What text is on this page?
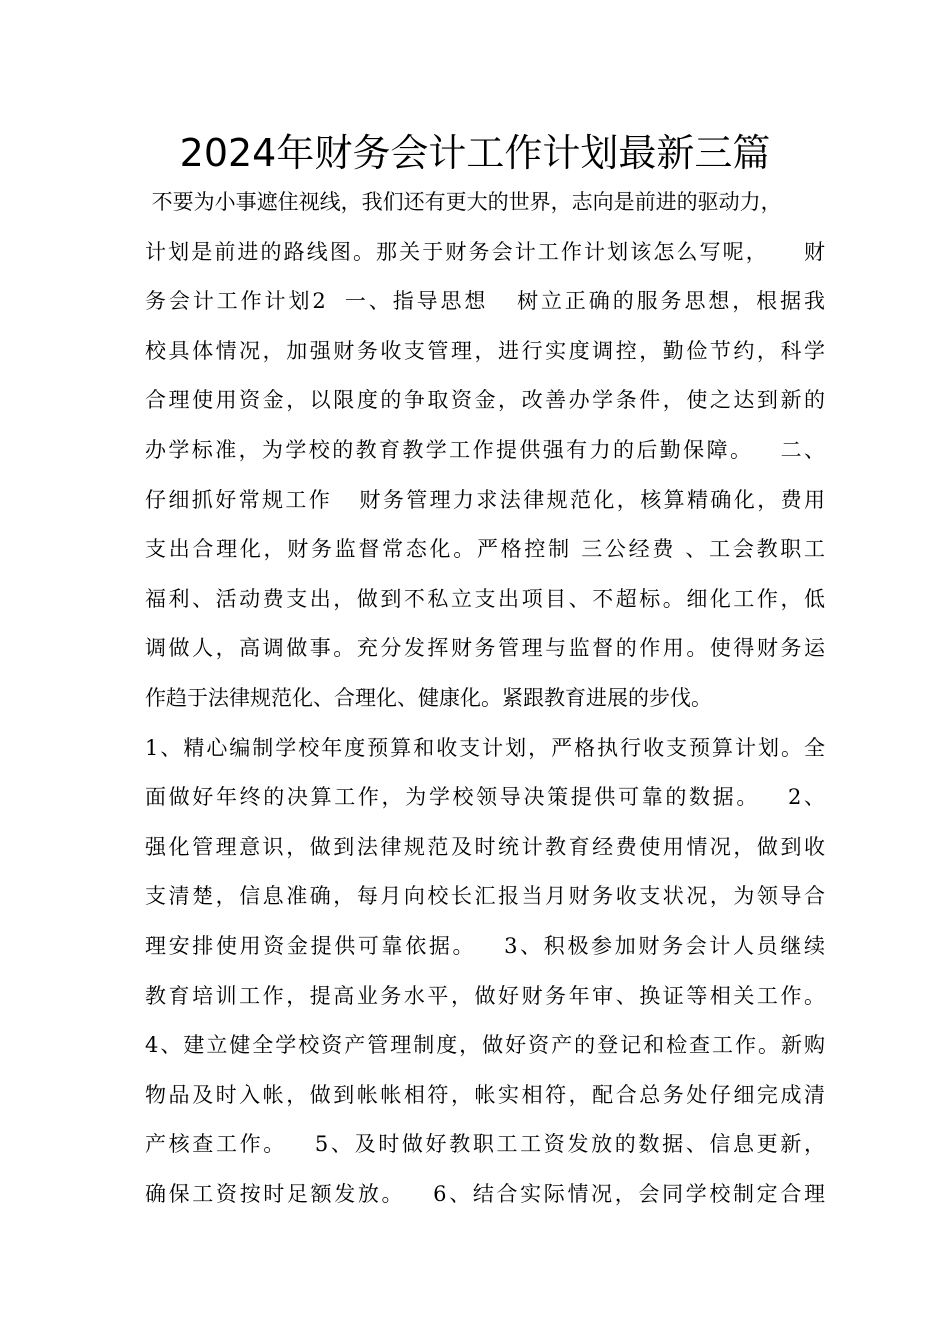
2024年财务会计工作计划最新三篇
不要为小事遮住视线，我们还有更大的世界，志向是前进的驱动力，
计划是前进的路线图。那关于财务会计工作计划该怎么写呢，    财
务会计工作计划2  一、指导思想   树立正确的服务思想，根据我
校具体情况，加强财务收支管理，进行实度调控，勤俭节约，科学
合理使用资金，以限度的争取资金，改善办学条件，使之达到新的
办学标准，为学校的教育教学工作提供强有力的后勤保障。   二、
仔细抓好常规工作   财务管理力求法律规范化，核算精确化，费用
支出合理化，财务监督常态化。严格控制 三公经费 、工会教职工
福利、活动费支出，做到不私立支出项目、不超标。细化工作，低
调做人，高调做事。充分发挥财务管理与监督的作用。使得财务运
作趋于法律规范化、合理化、健康化。紧跟教育进展的步伐。
1、精心编制学校年度预算和收支计划，严格执行收支预算计划。全
面做好年终的决算工作，为学校领导决策提供可靠的数据。   2、
强化管理意识，做到法律规范及时统计教育经费使用情况，做到收
支清楚，信息准确，每月向校长汇报当月财务收支状况，为领导合
理安排使用资金提供可靠依据。   3、积极参加财务会计人员继续
教育培训工作，提高业务水平，做好财务年审、换证等相关工作。
4、建立健全学校资产管理制度，做好资产的登记和检查工作。新购
物品及时入帐，做到帐帐相符，帐实相符，配合总务处仔细完成清
产核查工作。   5、及时做好教职工工资发放的数据、信息更新，
确保工资按时足额发放。   6、结合实际情况，会同学校制定合理
